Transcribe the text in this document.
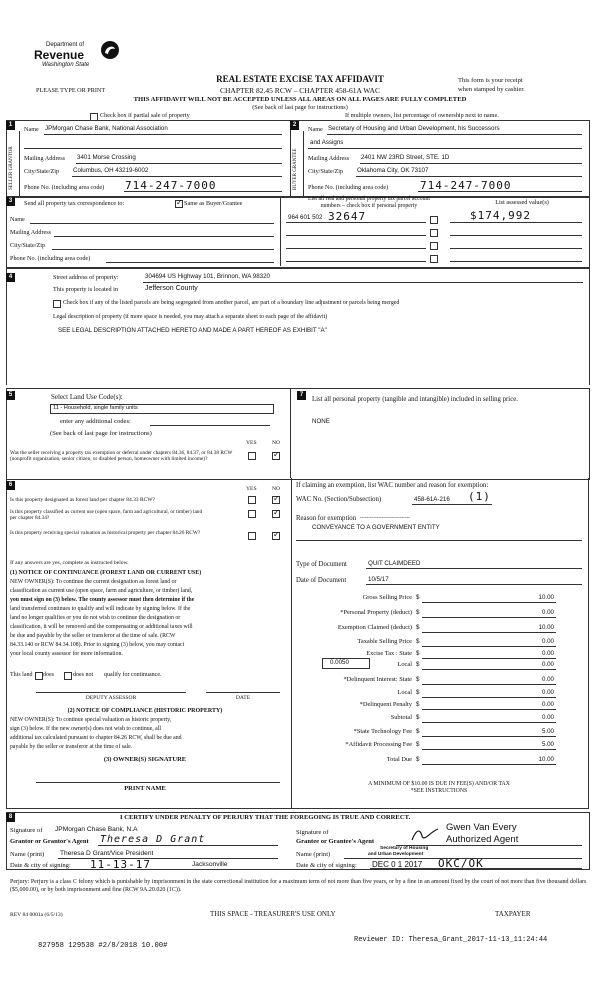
Department of
Revenue
Washington State
PLEASE TYPE OR PRINT
REAL ESTATE EXCISE TAX AFFIDAVIT
CHAPTER 82.45 RCW – CHAPTER 458-61A WAC
This form is your receipt
when stamped by cashier.
THIS AFFIDAVIT WILL NOT BE ACCEPTED UNLESS ALL AREAS ON ALL PAGES ARE FULLY COMPLETED
(See back of last page for instructions)
Check box if partial sale of property	If multiple owners, list percentage of ownership next to name.
1
SELLER GRANTOR
Name JPMorgan Chase Bank, National Association
Mailing Address 3401 Morse Crossing
City/State/Zip Columbus, OH 43219-6002
Phone No. (including area code) 714-247-7000
2
BUYER GRANTEE
Name Secretary of Housing and Urban Development, his Successors
and Assigns
Mailing Address 2401 NW 23RD Street, STE. 1D
City/State/Zip Oklahoma City, OK 73107
Phone No. (including area code)	714-247-7000
3	Send all property tax correspondence to:
✓	Same as Buyer/Grantee
Name
Mailing Address
City/State/Zip
Phone No. (including area code)
List all real and personal property tax parcel account
numbers – check box if personal property	List assessed value(s)
964 601 502 32647	$174,992
4	Street address of property:	304694 US Highway 101, Brinnon, WA 98320
This property is located in	Jefferson County
Check box if any of the listed parcels are being segregated from another parcel, are part of a boundary line adjustment or parcels being merged
Legal description of property (if more space is needed, you may attach a separate sheet to each page of the affidavit)
SEE LEGAL DESCRIPTION ATTACHED HERETO AND MADE A PART HEREOF AS EXHIBIT "A"
5	Select Land Use Code(s):
11 - Household, single family units
enter any additional codes:
(See back of last page for instructions)
YES	NO
Was the seller receiving a property tax exemption or deferral under chapters 84.36, 84.37, or 84.38 RCW (nonprofit organization, senior citizen, or disabled person, homeowner with limited income)?
✓
7
List all personal property (tangible and intangible) included in selling price.
NONE
6
YES	NO
Is this property designated as forest land per chapter 84.33 RCW?
✓
Is this property classified as current use (open space, farm and agricultural, or timber) land per chapter 84.34?
✓
Is this property receiving special valuation as historical property per chapter 84.26 RCW?
✓
If any answers are yes, complete as instructed below.
(1) NOTICE OF CONTINUANCE (FOREST LAND OR CURRENT USE)
NEW OWNER(S): To continue the current designation as forest land or
classification as current use (open space, farm and agriculture, or timber) land,
you must sign on (3) below. The county assessor must then determine if the
land transferred continues to qualify and will indicate by signing below. If the
land no longer qualifies or you do not wish to continue the designation or
classification, it will be removed and the compensating or additional taxes will
be due and payable by the seller or transferor at the time of sale. (RCW
84.33.140 or RCW 84.34.108). Prior to signing (3) below, you may contact
your local county assessor for more information.
This land does	does not qualify for continuance.
DEPUTY ASSESSOR	DATE
(2) NOTICE OF COMPLIANCE (HISTORIC PROPERTY)
NEW OWNER(S): To continue special valuation as historic property,
sign (3) below. If the new owner(s) does not wish to continue, all
additional tax calculated pursuant to chapter 84.26 RCW, shall be due and
payable by the seller or transferor at the time of sale.
(3) OWNER(S) SIGNATURE
PRINT NAME
If claiming an exemption, list WAC number and reason for exemption:
WAC No. (Section/Subsection)	458-61A-216 (1)
Reason for exemption ------------------------------
CONVEYANCE TO A GOVERNMENT ENTITY
Type of Document	QUIT CLAIMDEED
Date of Document	10/5/17
Gross Selling Price $	10.00
*Personal Property (deduct) $	0.00
Exemption Claimed (deduct) $	10.00
Taxable Selling Price $	0.00
Excise Tax : State $	0.00
Local $	0.00
*Delinquent Interest: State $	0.00
Local $	0.00
*Delinquent Penalty $	0.00
Subtotal $	0.00
*State Technology Fee $	5.00
*Affidavit Processing Fee $	5.00
Total Due $	10.00
0.0050
A MINIMUM OF $10.00 IS DUE IN FEE(S) AND/OR TAX
*SEE INSTRUCTIONS
8	I CERTIFY UNDER PENALTY OF PERJURY THAT THE FOREGOING IS TRUE AND CORRECT.
Signature of JPMorgan Chase Bank, N.A
Grantor or Grantor's Agent Theresa D Grant
Name (print) Theresa D Grant/Vice President
Date & city of signing: 11-13-17	Jacksonville
Signature of
Grantee or Grantee's Agent
Gwen Van Every
Authorized Agent
Name (print)
Secretary of Housing
and Urban Development
Date & city of signing: DEC 0 1 2017 OKC/OK
Perjury: Perjury is a class C felony which is punishable by imprisonment in the state correctional institution for a maximum term of not more than five years, or by a fine in an amount fixed by the court of not more than five thousand dollars ($5,000.00), or by both imprisonment and fine (RCW 9A.20.020 (1C)).
REV 84 0001a (6/5/13)	THIS SPACE - TREASURER'S USE ONLY	TAXPAYER
Reviewer ID: Theresa_Grant_2017-11-13_11:24:44
827958 129538 #2/8/2018 10.00#
